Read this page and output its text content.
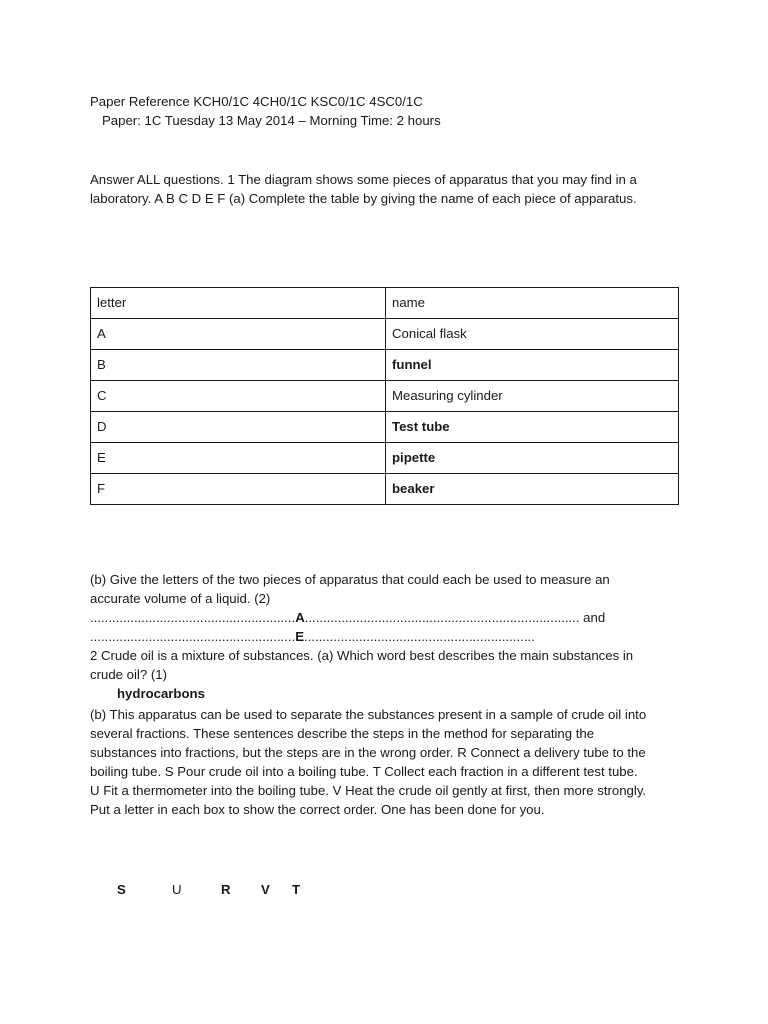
Paper Reference KCH0/1C 4CH0/1C KSC0/1C 4SC0/1C
Paper: 1C Tuesday 13 May 2014 – Morning Time: 2 hours
Answer ALL questions. 1 The diagram shows some pieces of apparatus that you may find in a
laboratory. A B C D E F (a) Complete the table by giving the name of each piece of apparatus.
letter	name
A	Conical flask
B	funnel
C	Measuring cylinder
D	Test tube
E	pipette
F	beaker
(b) Give the letters of the two pieces of apparatus that could each be used to measure an
accurate volume of a liquid. (2)
........................................................A........................................................................... and
........................................................E...............................................................
2 Crude oil is a mixture of substances. (a) Which word best describes the main substances in
crude oil? (1)
hydrocarbons
(b) This apparatus can be used to separate the substances present in a sample of crude oil into
several fractions. These sentences describe the steps in the method for separating the
substances into fractions, but the steps are in the wrong order. R Connect a delivery tube to the
boiling tube. S Pour crude oil into a boiling tube. T Collect each fraction in a different test tube.
U Fit a thermometer into the boiling tube. V Heat the crude oil gently at first, then more strongly.
Put a letter in each box to show the correct order. One has been done for you.
S	U	R V T
